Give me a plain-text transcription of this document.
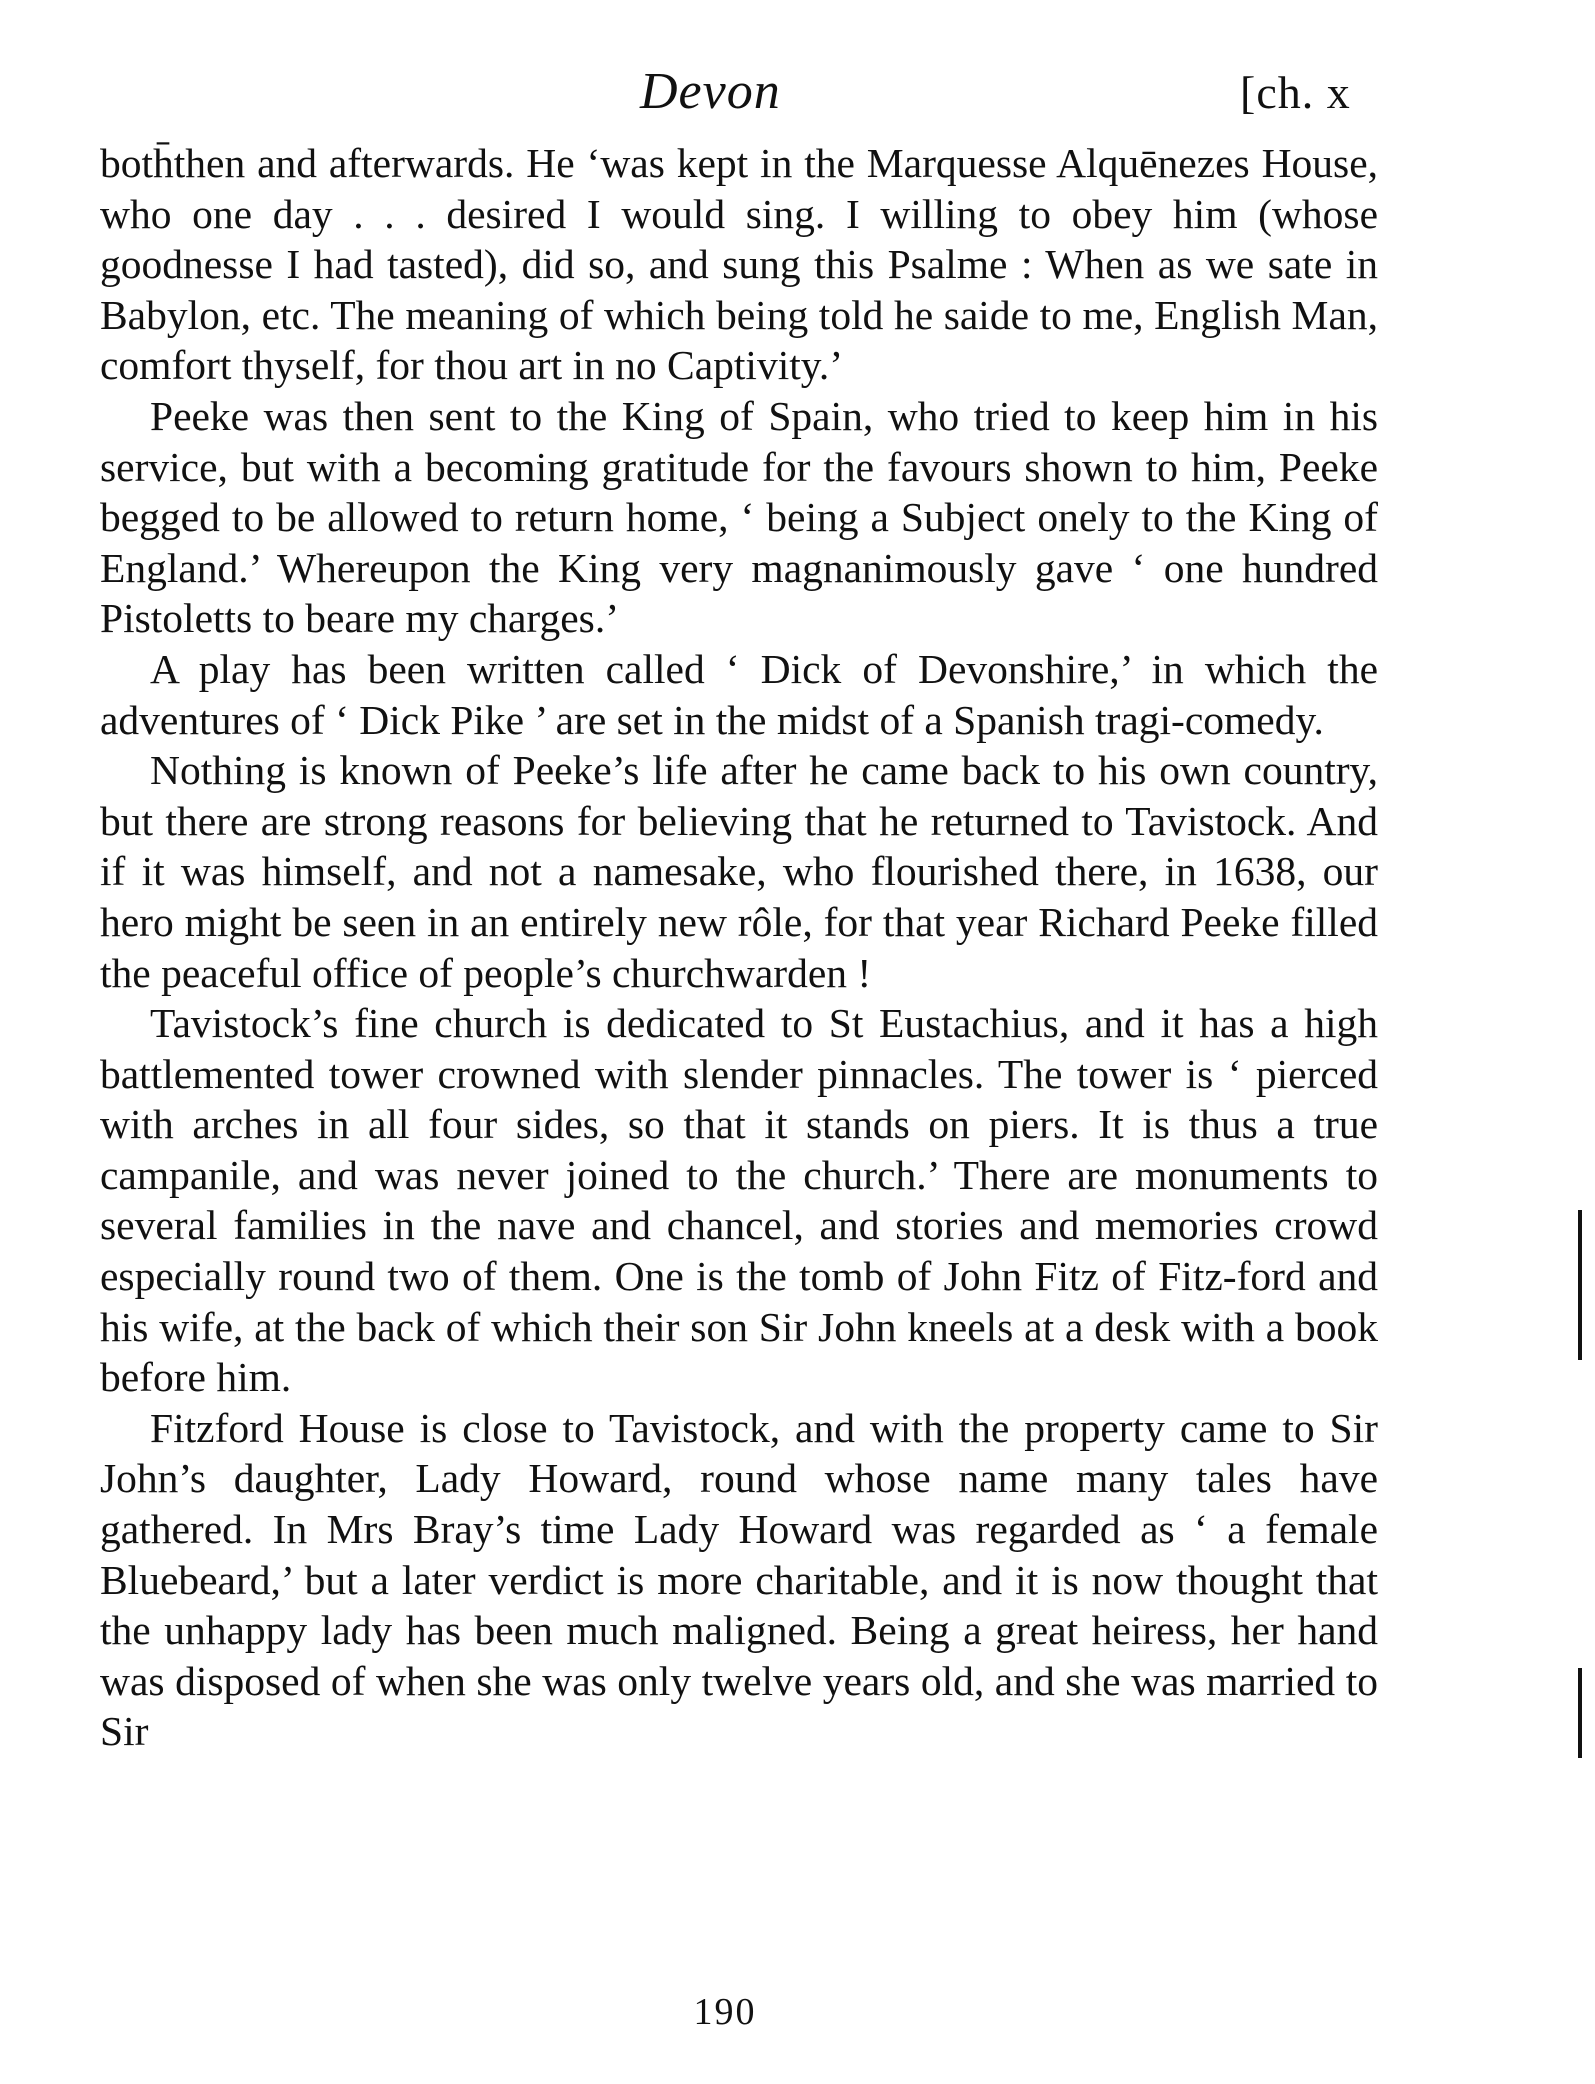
Devon	[ch. x

both̄then and afterwards. He ‘was kept in the Marquesse Alquēnezes House, who one day . . . desired I would sing. I willing to obey him (whose goodnesse I had tasted), did so, and sung this Psalme : When as we sate in Babylon, etc. The meaning of which being told he saide to me, English Man, comfort thyself, for thou art in no Captivity.’

Peeke was then sent to the King of Spain, who tried to keep him in his service, but with a becoming gratitude for the favours shown to him, Peeke begged to be allowed to return home, ‘ being a Subject onely to the King of England.’ Whereupon the King very magnanimously gave ‘ one hundred Pistoletts to beare my charges.’

A play has been written called ‘ Dick of Devonshire,’ in which the adventures of ‘ Dick Pike ’ are set in the midst of a Spanish tragi-comedy.

Nothing is known of Peeke’s life after he came back to his own country, but there are strong reasons for believing that he returned to Tavistock. And if it was himself, and not a namesake, who flourished there, in 1638, our hero might be seen in an entirely new rôle, for that year Richard Peeke filled the peaceful office of people’s churchwarden !

Tavistock’s fine church is dedicated to St Eustachius, and it has a high battlemented tower crowned with slender pinnacles. The tower is ‘ pierced with arches in all four sides, so that it stands on piers. It is thus a true campanile, and was never joined to the church.’ There are monuments to several families in the nave and chancel, and stories and memories crowd especially round two of them. One is the tomb of John Fitz of Fitz-ford and his wife, at the back of which their son Sir John kneels at a desk with a book before him.

Fitzford House is close to Tavistock, and with the property came to Sir John’s daughter, Lady Howard, round whose name many tales have gathered. In Mrs Bray’s time Lady Howard was regarded as ‘ a female Bluebeard,’ but a later verdict is more charitable, and it is now thought that the unhappy lady has been much maligned. Being a great heiress, her hand was disposed of when she was only twelve years old, and she was married to Sir

190
